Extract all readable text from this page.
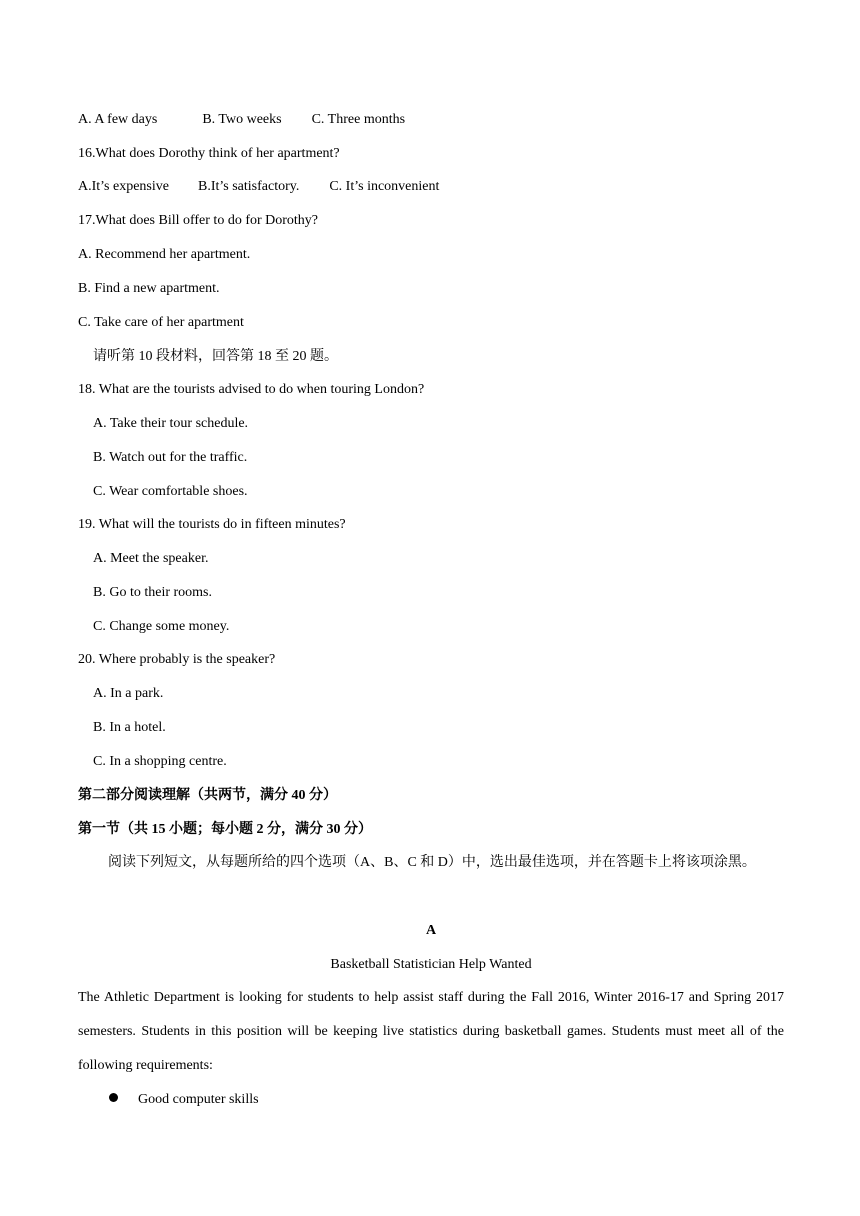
A. A few days	B. Two weeks C. Three months
16.What does Dorothy think of her apartment?
A.It’s expensive B.It’s satisfactory. C. It’s inconvenient
17.What does Bill offer to do for Dorothy?
A. Recommend her apartment.
B. Find a new apartment.
C. Take care of her apartment
请听第 10 段材料，回答第 18 至 20 题。
18. What are the tourists advised to do when touring London?
A. Take their tour schedule.
B. Watch out for the traffic.
C. Wear comfortable shoes.
19. What will the tourists do in fifteen minutes?
A. Meet the speaker.
B. Go to their rooms.
C. Change some money.
20. Where probably is the speaker?
A. In a park.
B. In a hotel.
C. In a shopping centre.
第二部分阅读理解（共两节，满分 40 分）
第一节（共 15 小题；每小题 2 分，满分 30 分）
阅读下列短文，从每题所给的四个选项（A、B、C 和 D）中，选出最佳选项，并在答题卡上将该项涂黑。
A
Basketball Statistician Help Wanted
The Athletic Department is looking for students to help assist staff during the Fall 2016, Winter 2016-17 and Spring 2017 semesters. Students in this position will be keeping live statistics during basketball games. Students must meet all of the following requirements:
Good computer skills
